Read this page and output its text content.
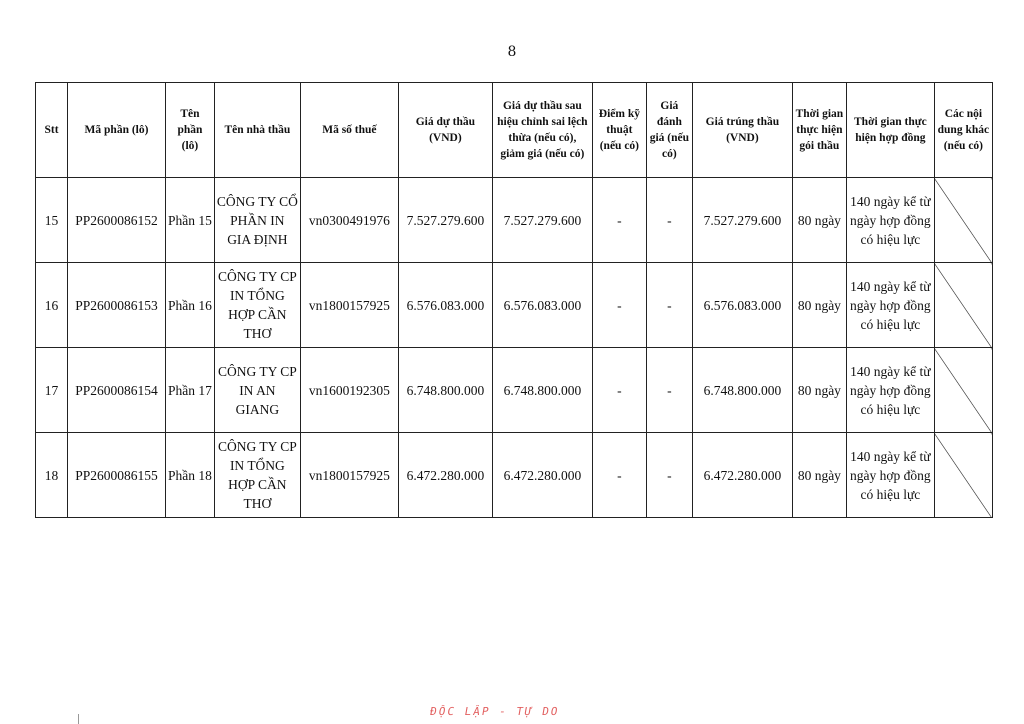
8
Stt	Mã phần (lô)	Tên phần (lô)	Tên nhà thầu	Mã số thuế	Giá dự thầu (VND)	Giá dự thầu sau hiệu chỉnh sai lệch thừa (nếu có), giảm giá (nếu có)	Điểm kỹ thuật (nếu có)	Giá đánh giá (nếu có)	Giá trúng thầu (VND)	Thời gian thực hiện gói thầu	Thời gian thực hiện hợp đồng	Các nội dung khác (nếu có)
15	PP2600086152	Phần 15	CÔNG TY CỔ PHẦN IN GIA ĐỊNH	vn0300491976	7.527.279.600	7.527.279.600	-	-	7.527.279.600	80 ngày	140 ngày kể từ ngày hợp đồng có hiệu lực	
16	PP2600086153	Phần 16	CÔNG TY CP IN TỔNG HỢP CẦN THƠ	vn1800157925	6.576.083.000	6.576.083.000	-	-	6.576.083.000	80 ngày	140 ngày kể từ ngày hợp đồng có hiệu lực	
17	PP2600086154	Phần 17	CÔNG TY CP IN AN GIANG	vn1600192305	6.748.800.000	6.748.800.000	-	-	6.748.800.000	80 ngày	140 ngày kể từ ngày hợp đồng có hiệu lực	
18	PP2600086155	Phần 18	CÔNG TY CP IN TỔNG HỢP CẦN THƠ	vn1800157925	6.472.280.000	6.472.280.000	-	-	6.472.280.000	80 ngày	140 ngày kể từ ngày hợp đồng có hiệu lực	
ĐỘC LẬP - TỰ DO
